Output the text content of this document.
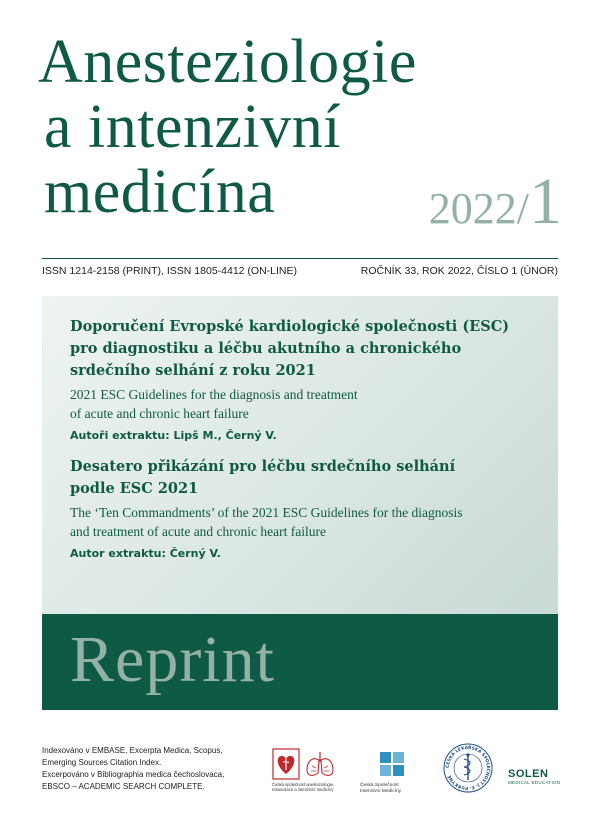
Anesteziologie
a intenzivní
medicína	2022/1
ISSN 1214-2158 (PRINT), ISSN 1805-4412 (ON-LINE)	ROČNÍK 33, ROK 2022, ČÍSLO 1 (ÚNOR)
Doporučení Evropské kardiologické společnosti (ESC)
pro diagnostiku a léčbu akutního a chronického
srdečního selhání z roku 2021
2021 ESC Guidelines for the diagnosis and treatment
of acute and chronic heart failure
Autoři extraktu: Lipš M., Černý V.
Desatero přikázání pro léčbu srdečního selhání
podle ESC 2021
The ‘Ten Commandments’ of the 2021 ESC Guidelines for the diagnosis
and treatment of acute and chronic heart failure
Autor extraktu: Černý V.
Reprint
Indexováno v EMBASE, Excerpta Medica, Scopus,
Emerging Sources Citation Index.
Excerpováno v Bibliographia medica čechoslovaca,
EBSCO – ACADEMIC SEARCH COMPLETE.	Česká společnost anesteziologie,
resuscitace a intenzivní medicíny
Česká Společnost
Intenzivní Medicíny
ČESKÁ LÉKAŘSKÁ SPOLEČNOST J. E. PURKYNĚ	SOLEN
MEDICAL EDUCATION
